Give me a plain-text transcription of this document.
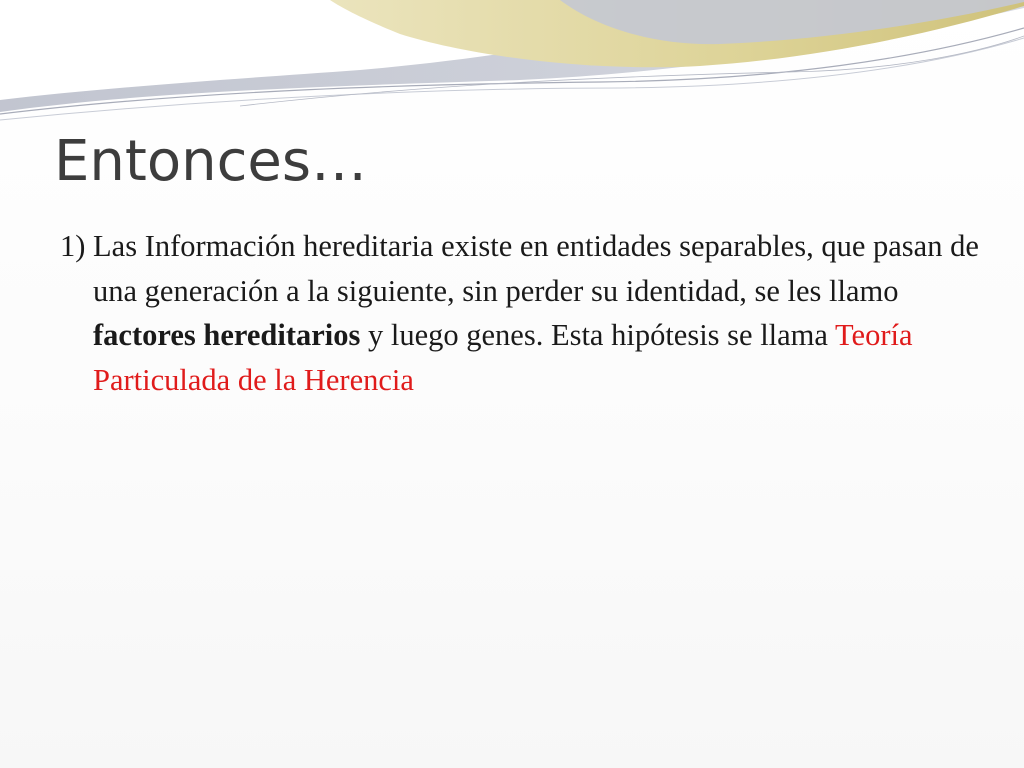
Entonces…

1) Las Información hereditaria existe en entidades separables, que pasan de una generación a la siguiente, sin perder su identidad, se les llamo factores hereditarios y luego genes. Esta hipótesis se llama Teoría Particulada de la Herencia
